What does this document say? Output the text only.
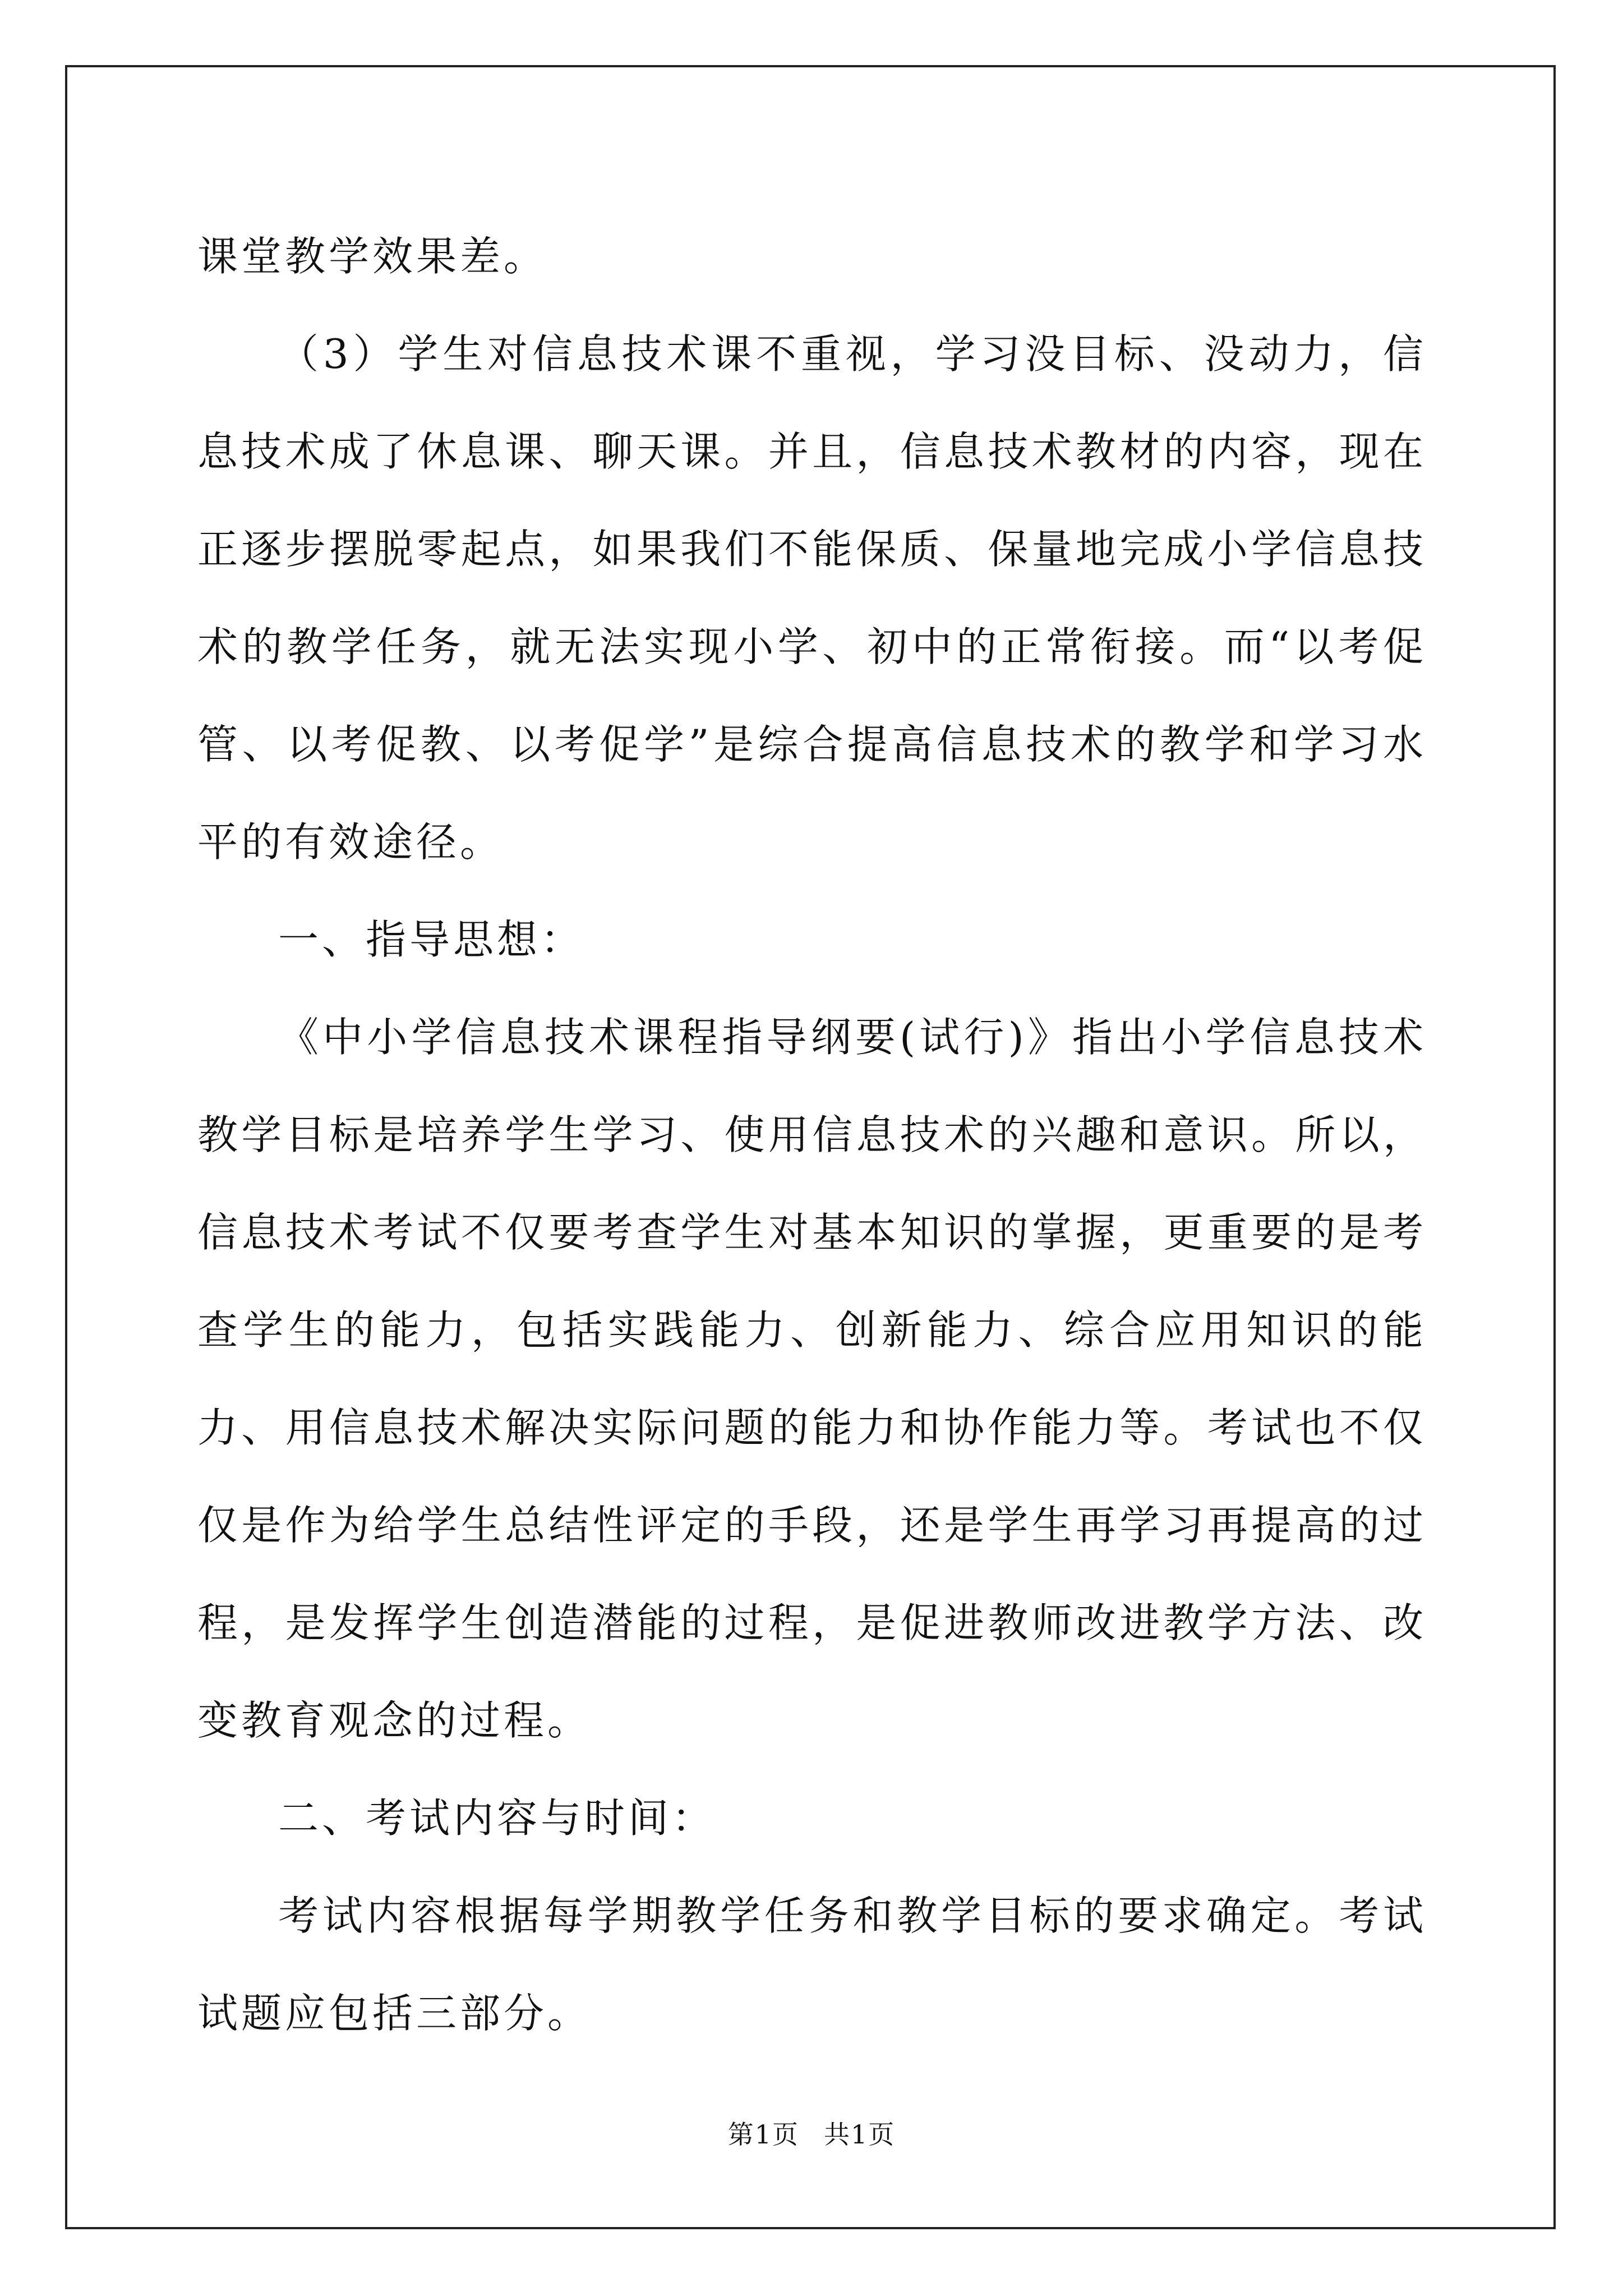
课堂教学效果差。

（3）学生对信息技术课不重视，学习没目标、没动力，信息技术成了休息课、聊天课。并且，信息技术教材的内容，现在正逐步摆脱零起点，如果我们不能保质、保量地完成小学信息技术的教学任务，就无法实现小学、初中的正常衔接。而“以考促管、以考促教、以考促学”是综合提高信息技术的教学和学习水平的有效途径。

一、指导思想：

《中小学信息技术课程指导纲要(试行)》指出小学信息技术教学目标是培养学生学习、使用信息技术的兴趣和意识。所以，信息技术考试不仅要考查学生对基本知识的掌握，更重要的是考查学生的能力，包括实践能力、创新能力、综合应用知识的能力、用信息技术解决实际问题的能力和协作能力等。考试也不仅仅是作为给学生总结性评定的手段，还是学生再学习再提高的过程，是发挥学生创造潜能的过程，是促进教师改进教学方法、改变教育观念的过程。

二、考试内容与时间：

考试内容根据每学期教学任务和教学目标的要求确定。考试试题应包括三部分。

第1页 共1页
